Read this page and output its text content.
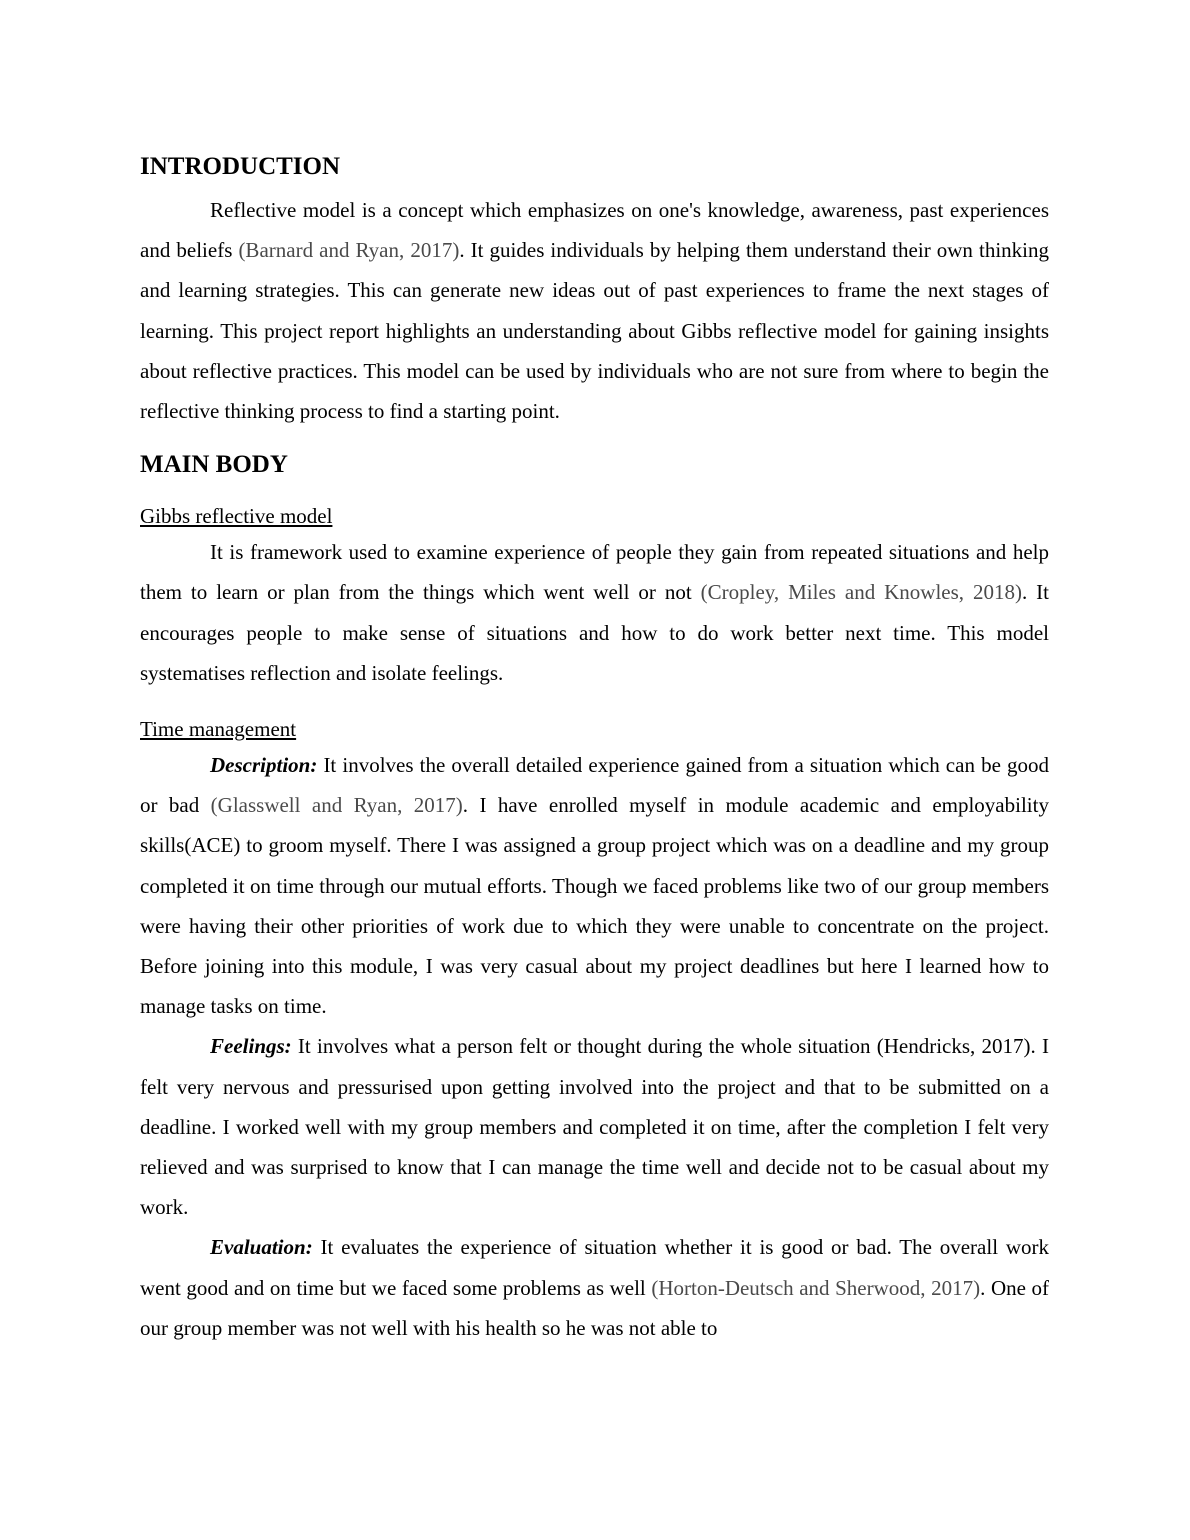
INTRODUCTION

Reflective model is a concept which emphasizes on one's knowledge, awareness, past experiences and beliefs (Barnard and Ryan, 2017). It guides individuals by helping them understand their own thinking and learning strategies. This can generate new ideas out of past experiences to frame the next stages of learning. This project report highlights an understanding about Gibbs reflective model for gaining insights about reflective practices. This model can be used by individuals who are not sure from where to begin the reflective thinking process to find a starting point.

MAIN BODY
Gibbs reflective model

It is framework used to examine experience of people they gain from repeated situations and help them to learn or plan from the things which went well or not (Cropley, Miles and Knowles, 2018). It encourages people to make sense of situations and how to do work better next time. This model systematises reflection and isolate feelings.

Time management

Description: It involves the overall detailed experience gained from a situation which can be good or bad (Glasswell and Ryan, 2017). I have enrolled myself in module academic and employability skills(ACE) to groom myself. There I was assigned a group project which was on a deadline and my group completed it on time through our mutual efforts. Though we faced problems like two of our group members were having their other priorities of work due to which they were unable to concentrate on the project. Before joining into this module, I was very casual about my project deadlines but here I learned how to manage tasks on time.

Feelings: It involves what a person felt or thought during the whole situation (Hendricks, 2017). I felt very nervous and pressurised upon getting involved into the project and that to be submitted on a deadline. I worked well with my group members and completed it on time, after the completion I felt very relieved and was surprised to know that I can manage the time well and decide not to be casual about my work.

Evaluation: It evaluates the experience of situation whether it is good or bad. The overall work went good and on time but we faced some problems as well (Horton-Deutsch and Sherwood, 2017). One of our group member was not well with his health so he was not able to
